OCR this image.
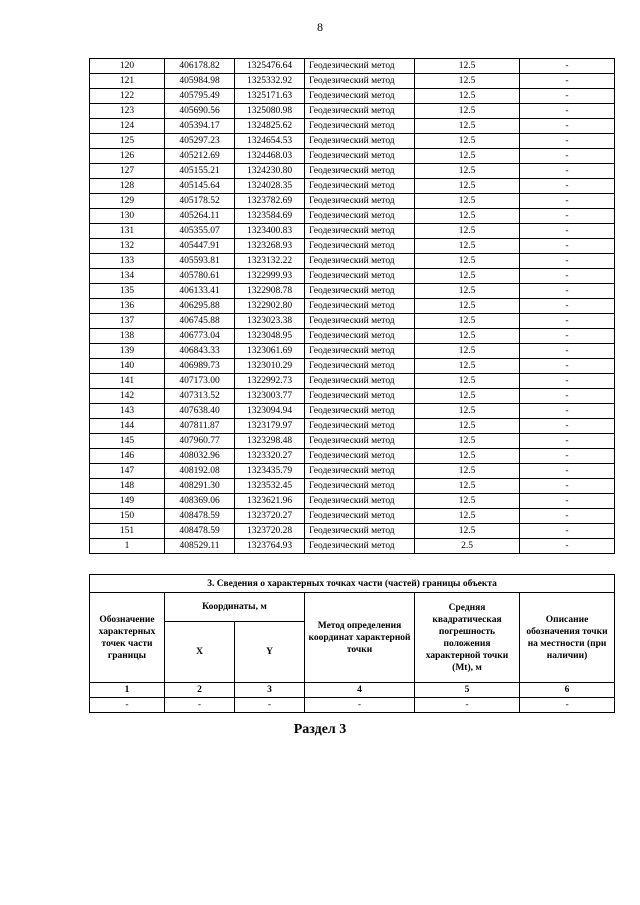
8
120	406178.82	1325476.64	Геодезический метод	12.5	-
121	405984.98	1325332.92	Геодезический метод	12.5	-
122	405795.49	1325171.63	Геодезический метод	12.5	-
123	405690.56	1325080.98	Геодезический метод	12.5	-
124	405394.17	1324825.62	Геодезический метод	12.5	-
125	405297.23	1324654.53	Геодезический метод	12.5	-
126	405212.69	1324468.03	Геодезический метод	12.5	-
127	405155.21	1324230.80	Геодезический метод	12.5	-
128	405145.64	1324028.35	Геодезический метод	12.5	-
129	405178.52	1323782.69	Геодезический метод	12.5	-
130	405264.11	1323584.69	Геодезический метод	12.5	-
131	405355.07	1323400.83	Геодезический метод	12.5	-
132	405447.91	1323268.93	Геодезический метод	12.5	-
133	405593.81	1323132.22	Геодезический метод	12.5	-
134	405780.61	1322999.93	Геодезический метод	12.5	-
135	406133.41	1322908.78	Геодезический метод	12.5	-
136	406295.88	1322902.80	Геодезический метод	12.5	-
137	406745.88	1323023.38	Геодезический метод	12.5	-
138	406773.04	1323048.95	Геодезический метод	12.5	-
139	406843.33	1323061.69	Геодезический метод	12.5	-
140	406989.73	1323010.29	Геодезический метод	12.5	-
141	407173.00	1322992.73	Геодезический метод	12.5	-
142	407313.52	1323003.77	Геодезический метод	12.5	-
143	407638.40	1323094.94	Геодезический метод	12.5	-
144	407811.87	1323179.97	Геодезический метод	12.5	-
145	407960.77	1323298.48	Геодезический метод	12.5	-
146	408032.96	1323320.27	Геодезический метод	12.5	-
147	408192.08	1323435.79	Геодезический метод	12.5	-
148	408291.30	1323532.45	Геодезический метод	12.5	-
149	408369.06	1323621.96	Геодезический метод	12.5	-
150	408478.59	1323720.27	Геодезический метод	12.5	-
151	408478.59	1323720.28	Геодезический метод	12.5	-
1	408529.11	1323764.93	Геодезический метод	2.5	-
3. Сведения о характерных точках части (частей) границы объекта					
Обозначение характерных точек части границы	Координаты, м		Метод определения координат характерной точки	Средняя квадратическая погрешность положения характерной точки (Mt), м	Описание обозначения точки на местности (при наличии)
	X	Y			
1	2	3	4	5	6
-	-	-	-	-	-
Раздел 3
